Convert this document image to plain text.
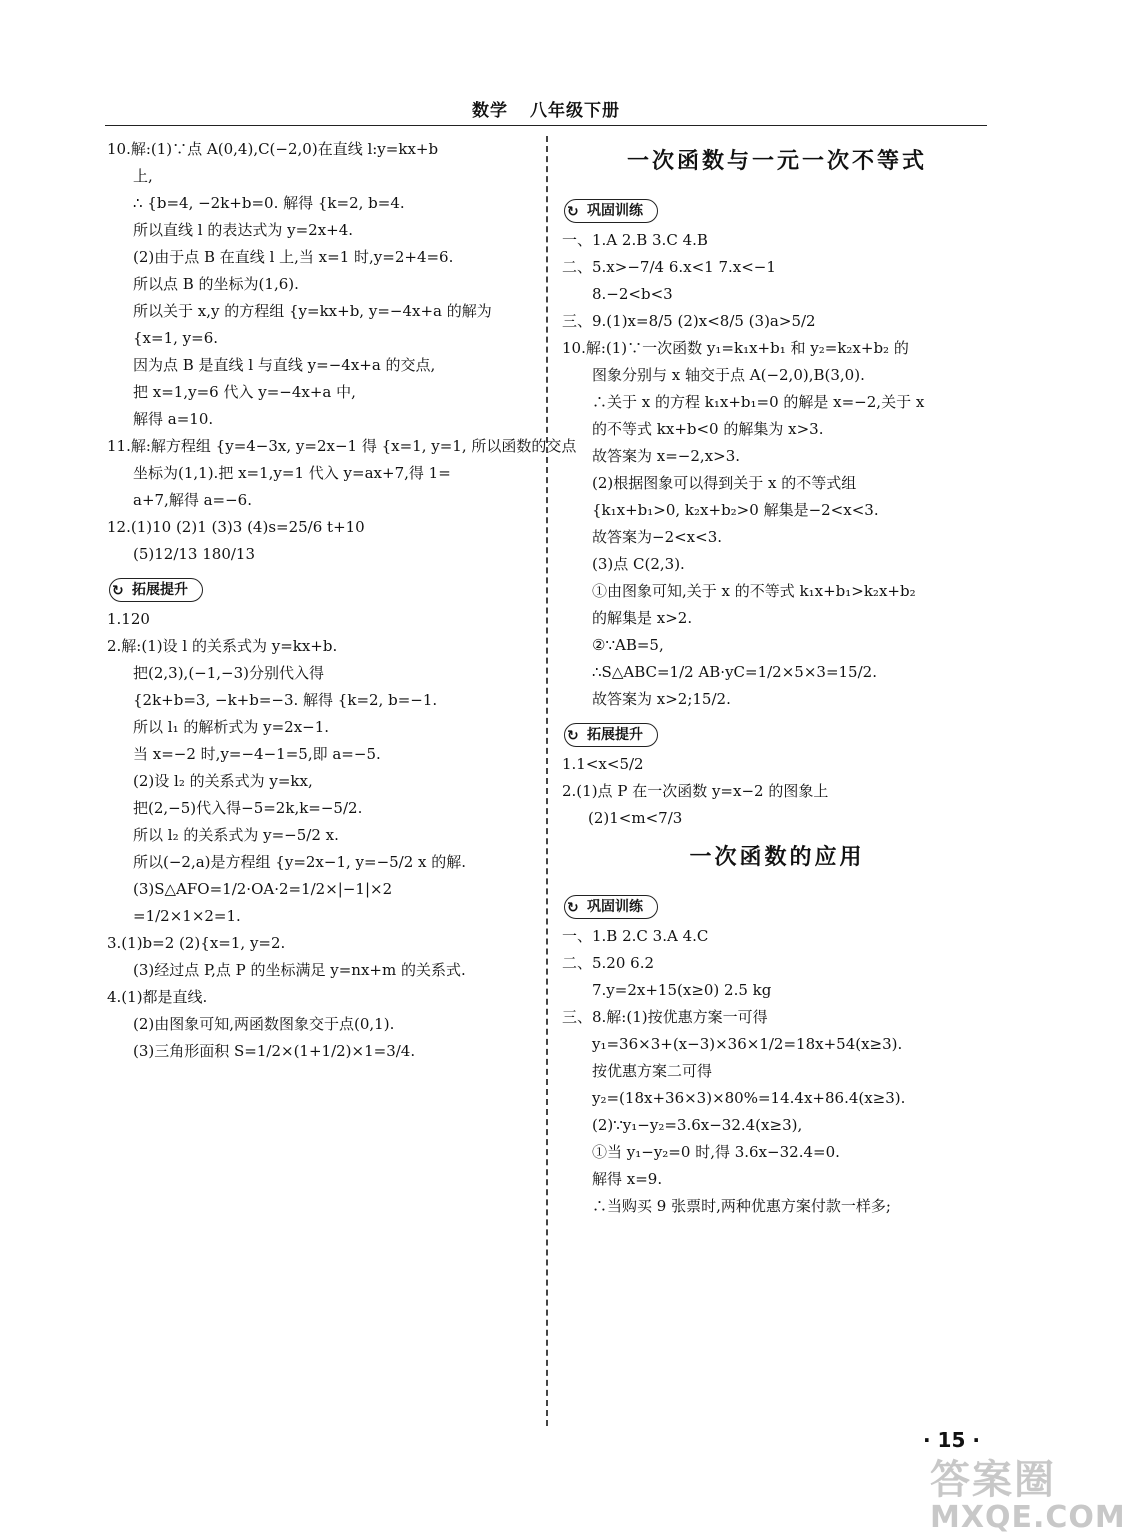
数学 八年级下册
10.解:(1)∵点 A(0,4),C(−2,0)在直线 l:y=kx+b
上,
∴ {b=4, −2k+b=0. 解得 {k=2, b=4.
所以直线 l 的表达式为 y=2x+4.
(2)由于点 B 在直线 l 上,当 x=1 时,y=2+4=6.
所以点 B 的坐标为(1,6).
所以关于 x,y 的方程组 {y=kx+b, y=−4x+a 的解为
{x=1, y=6.
因为点 B 是直线 l 与直线 y=−4x+a 的交点,
把 x=1,y=6 代入 y=−4x+a 中,
解得 a=10.
11.解:解方程组 {y=4−3x, y=2x−1 得 {x=1, y=1, 所以函数的交点
坐标为(1,1).把 x=1,y=1 代入 y=ax+7,得 1=
a+7,解得 a=−6.
12.(1)10 (2)1 (3)3 (4)s=25/6 t+10
(5)12/13 180/13
↻ 拓展提升
1.120
2.解:(1)设 l 的关系式为 y=kx+b.
把(2,3),(−1,−3)分别代入得
{2k+b=3, −k+b=−3. 解得 {k=2, b=−1.
所以 l₁ 的解析式为 y=2x−1.
当 x=−2 时,y=−4−1=5,即 a=−5.
(2)设 l₂ 的关系式为 y=kx,
把(2,−5)代入得−5=2k,k=−5/2.
所以 l₂ 的关系式为 y=−5/2 x.
所以(−2,a)是方程组 {y=2x−1, y=−5/2 x 的解.
(3)S△AFO=1/2·OA·2=1/2×|−1|×2
=1/2×1×2=1.
3.(1)b=2 (2){x=1, y=2.
(3)经过点 P,点 P 的坐标满足 y=nx+m 的关系式.
4.(1)都是直线.
(2)由图象可知,两函数图象交于点(0,1).
(3)三角形面积 S=1/2×(1+1/2)×1=3/4.
一次函数与一元一次不等式
↻ 巩固训练
一、1.A 2.B 3.C 4.B
二、5.x>−7/4 6.x<1 7.x<−1
8.−2<b<3
三、9.(1)x=8/5 (2)x<8/5 (3)a>5/2
10.解:(1)∵一次函数 y₁=k₁x+b₁ 和 y₂=k₂x+b₂ 的
图象分别与 x 轴交于点 A(−2,0),B(3,0).
∴关于 x 的方程 k₁x+b₁=0 的解是 x=−2,关于 x
的不等式 kx+b<0 的解集为 x>3.
故答案为 x=−2,x>3.
(2)根据图象可以得到关于 x 的不等式组
{k₁x+b₁>0, k₂x+b₂>0 解集是−2<x<3.
故答案为−2<x<3.
(3)点 C(2,3).
①由图象可知,关于 x 的不等式 k₁x+b₁>k₂x+b₂
的解集是 x>2.
②∵AB=5,
∴S△ABC=1/2 AB·yC=1/2×5×3=15/2.
故答案为 x>2;15/2.
↻ 拓展提升
1.1<x<5/2
2.(1)点 P 在一次函数 y=x−2 的图象上
(2)1<m<7/3
一次函数的应用
↻ 巩固训练
一、1.B 2.C 3.A 4.C
二、5.20 6.2
7.y=2x+15(x≥0) 2.5 kg
三、8.解:(1)按优惠方案一可得
y₁=36×3+(x−3)×36×1/2=18x+54(x≥3).
按优惠方案二可得
y₂=(18x+36×3)×80%=14.4x+86.4(x≥3).
(2)∵y₁−y₂=3.6x−32.4(x≥3),
①当 y₁−y₂=0 时,得 3.6x−32.4=0.
解得 x=9.
∴当购买 9 张票时,两种优惠方案付款一样多;
· 15 ·
答案圈
MXQE.COM
